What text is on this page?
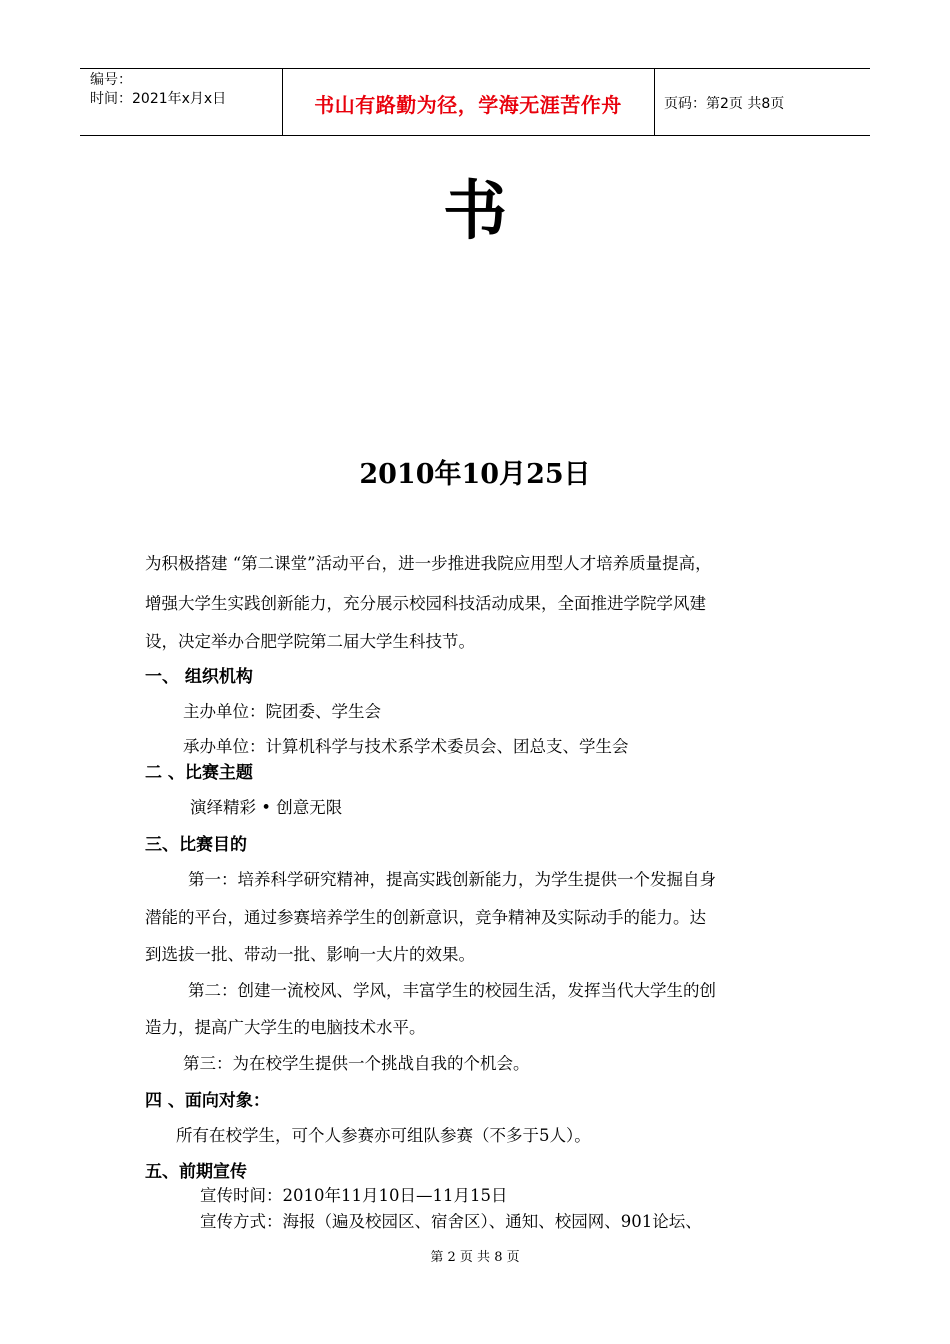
编号：
时间：2021年x月x日	书山有路勤为径，学海无涯苦作舟	页码：第2页 共8页
书
2010年10月25日
为积极搭建 “第二课堂”活动平台，进一步推进我院应用型人才培养质量提高，
增强大学生实践创新能力，充分展示校园科技活动成果，全面推进学院学风建
设，决定举办合肥学院第二届大学生科技节。
一、 组织机构
主办单位：院团委、学生会
承办单位：计算机科学与技术系学术委员会、团总支、学生会
二 、比赛主题
演绎精彩 • 创意无限
三、比赛目的
第一：培养科学研究精神，提高实践创新能力，为学生提供一个发掘自身
潜能的平台，通过参赛培养学生的创新意识，竞争精神及实际动手的能力。达
到选拔一批、带动一批、影响一大片的效果。
第二：创建一流校风、学风，丰富学生的校园生活，发挥当代大学生的创
造力，提高广大学生的电脑技术水平。
第三：为在校学生提供一个挑战自我的个机会。
四 、面向对象：
所有在校学生，可个人参赛亦可组队参赛（不多于5人）。
五、前期宣传
宣传时间：2010年11月10日—11月15日
宣传方式：海报（遍及校园区、宿舍区）、通知、校园网、901论坛、
第 2 页 共 8 页
